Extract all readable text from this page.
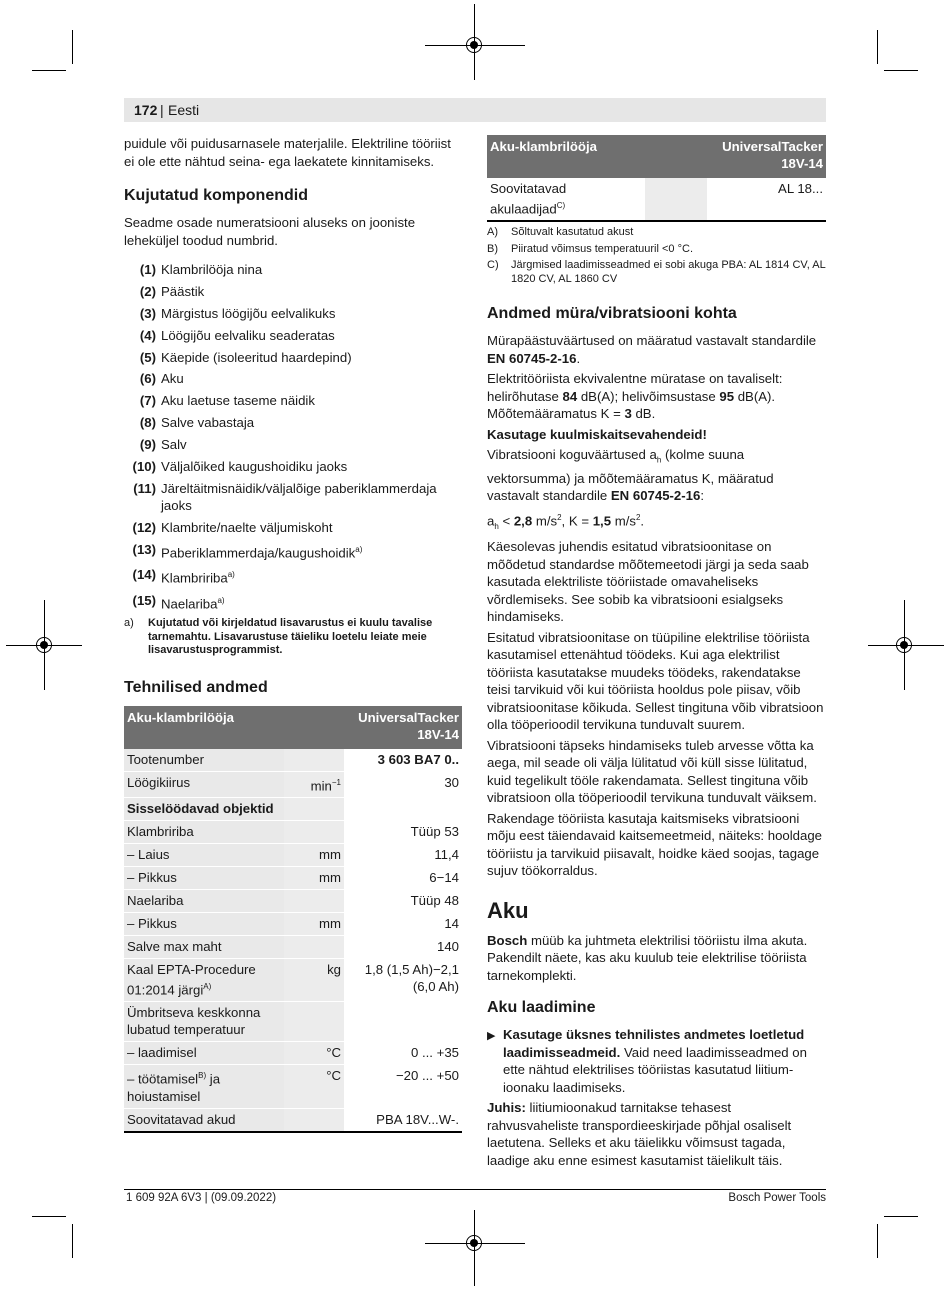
172 | Eesti

puidule või puidusarnasele materjalile. Elektriline tööriist ei ole ette nähtud seina- ega laekatete kinnitamiseks.

Kujutatud komponendid

Seadme osade numeratsiooni aluseks on jooniste leheküljel toodud numbrid.

(1) Klambrilööja nina
(2) Päästik
(3) Märgistus löögijõu eelvalikuks
(4) Löögijõu eelvaliku seaderatas
(5) Käepide (isoleeritud haardepind)
(6) Aku
(7) Aku laetuse taseme näidik
(8) Salve vabastaja
(9) Salv
(10) Väljalõiked kaugushoidiku jaoks
(11) Järeltäitmisnäidik/väljalõige paberiklammerdaja jaoks
(12) Klambrite/naelte väljumiskoht
(13) Paberiklammerdaja/kaugushoidik$^{a)}$
(14) Klambririba$^{a)}$
(15) Naelariba$^{a)}$
a)	Kujutatud või kirjeldatud lisavarustus ei kuulu tavalise tarnemahtu. Lisavarustuse täieliku loetelu leiate meie lisavarustusprogrammist.
Tehnilised andmed
Aku-klambrilööja		UniversalTacker
18V-14
Tootenumber		3 603 BA7 0..
Löögikiirus	$\min^{-1}$	30
Sisselöödavad objektid		
Klambririba		Tüüp 53
– Laius	mm	11,4
– Pikkus	mm	6−14
Naelariba		Tüüp 48
– Pikkus	mm	14
Salve max maht		140
Kaal EPTA-Procedure 01:2014 järgi$^{A)}$	kg	1,8 (1,5 Ah)−2,1 (6,0 Ah)
Ümbritseva keskkonna lubatud temperatuur		
– laadimisel	°C	0 ... +35
– töötamisel$^{B)}$ ja hoiustamisel	°C	−20 ... +50
Soovitatavad akud		PBA 18V...W-.
Aku-klambrilööja		UniversalTacker
18V-14
Soovitatavad akulaadijad$^{C)}$		AL 18...
A)	Sõltuvalt kasutatud akust
B)	Piiratud võimsus temperatuuril <0 °C.
C)	Järgmised laadimisseadmed ei sobi akuga PBA: AL 1814 CV, AL 1820 CV, AL 1860 CV
Andmed müra/vibratsiooni kohta

Mürapäästuväärtused on määratud vastavalt standardile EN 60745-2-16.

Elektritööriista ekvivalentne müratase on tavaliselt: helirõhutase 84 dB(A); helivõimsustase 95 dB(A). Mõõtemääramatus K = 3 dB.

Kasutage kuulmiskaitsevahendeid!

Vibratsiooni koguväärtused $a_h$ (kolme suuna vektorsumma) ja mõõtemääramatus K, määratud vastavalt standardile EN 60745-2-16:

$a_h < 2,8$ $m/s^2$, K = 1,5 $m/s^2$.

Käesolevas juhendis esitatud vibratsioonitase on mõõdetud standardse mõõtemeetodi järgi ja seda saab kasutada elektriliste tööriistade omavaheliseks võrdlemiseks. See sobib ka vibratsiooni esialgseks hindamiseks.

Esitatud vibratsioonitase on tüüpiline elektrilise tööriista kasutamisel ettenähtud töödeks. Kui aga elektrilist tööriista kasutatakse muudeks töödeks, rakendatakse teisi tarvikuid või kui tööriista hooldus pole piisav, võib vibratsioonitase kõikuda. Sellest tingituna võib vibratsioon olla tööperioodil tervikuna tunduvalt suurem.

Vibratsiooni täpseks hindamiseks tuleb arvesse võtta ka aega, mil seade oli välja lülitatud või küll sisse lülitatud, kuid tegelikult tööle rakendamata. Sellest tingituna võib vibratsioon olla tööperioodil tervikuna tunduvalt väiksem.

Rakendage tööriista kasutaja kaitsmiseks vibratsiooni mõju eest täiendavaid kaitsemeetmeid, näiteks: hooldage tööriistu ja tarvikuid piisavalt, hoidke käed soojas, tagage sujuv töökorraldus.

Aku

Bosch müüb ka juhtmeta elektrilisi tööriistu ilma akuta. Pakendilt näete, kas aku kuulub teie elektrilise tööriista tarnekomplekti.

Aku laadimine
▶ Kasutage üksnes tehnilistes andmetes loetletud laadimisseadmeid. Vaid need laadimisseadmed on ette nähtud elektrilises tööriistas kasutatud liitium-ioonaku laadimiseks.

Juhis: liitiumioonakud tarnitakse tehasest rahvusvaheliste transpordieeskirjade põhjal osaliselt laetutena. Selleks et aku täielikku võimsust tagada, laadige aku enne esimest kasutamist täielikult täis.

1 609 92A 6V3 | (09.09.2022)	Bosch Power Tools
